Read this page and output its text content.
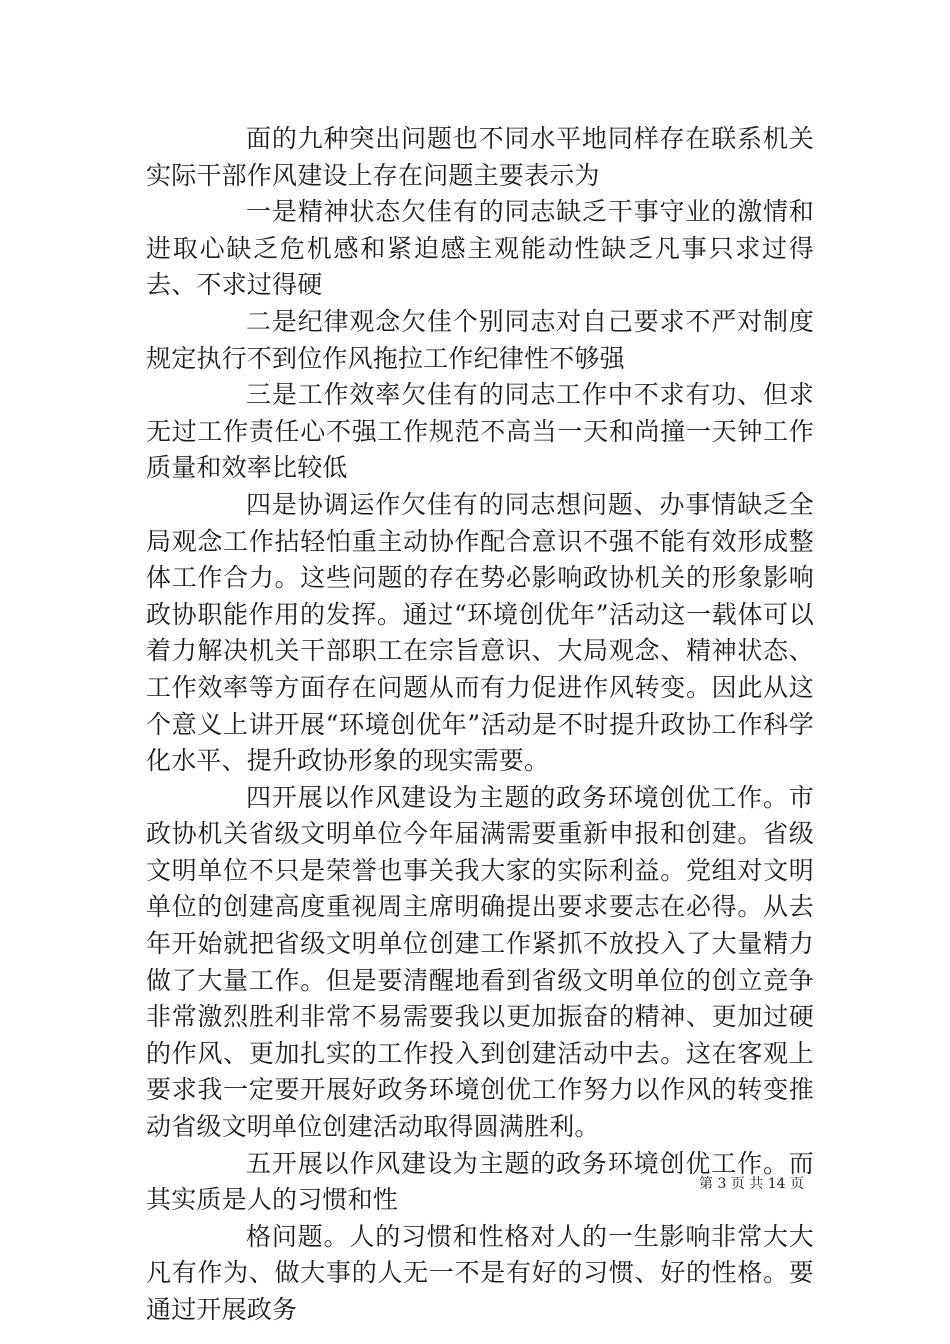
面的九种突出问题也不同水平地同样存在联系机关实际干部作风建设上存在问题主要表示为

一是精神状态欠佳有的同志缺乏干事守业的激情和进取心缺乏危机感和紧迫感主观能动性缺乏凡事只求过得去、不求过得硬

二是纪律观念欠佳个别同志对自己要求不严对制度规定执行不到位作风拖拉工作纪律性不够强

三是工作效率欠佳有的同志工作中不求有功、但求无过工作责任心不强工作规范不高当一天和尚撞一天钟工作质量和效率比较低

四是协调运作欠佳有的同志想问题、办事情缺乏全局观念工作拈轻怕重主动协作配合意识不强不能有效形成整体工作合力。这些问题的存在势必影响政协机关的形象影响政协职能作用的发挥。通过“环境创优年”活动这一载体可以着力解决机关干部职工在宗旨意识、大局观念、精神状态、工作效率等方面存在问题从而有力促进作风转变。因此从这个意义上讲开展“环境创优年”活动是不时提升政协工作科学化水平、提升政协形象的现实需要。

四开展以作风建设为主题的政务环境创优工作。市政协机关省级文明单位今年届满需要重新申报和创建。省级文明单位不只是荣誉也事关我大家的实际利益。党组对文明单位的创建高度重视周主席明确提出要求要志在必得。从去年开始就把省级文明单位创建工作紧抓不放投入了大量精力做了大量工作。但是要清醒地看到省级文明单位的创立竞争非常激烈胜利非常不易需要我以更加振奋的精神、更加过硬的作风、更加扎实的工作投入到创建活动中去。这在客观上要求我一定要开展好政务环境创优工作努力以作风的转变推动省级文明单位创建活动取得圆满胜利。

五开展以作风建设为主题的政务环境创优工作。而其实质是人的习惯和性

格问题。人的习惯和性格对人的一生影响非常大大凡有作为、做大事的人无一不是有好的习惯、好的性格。要通过开展政务

第 3 页 共 14 页
